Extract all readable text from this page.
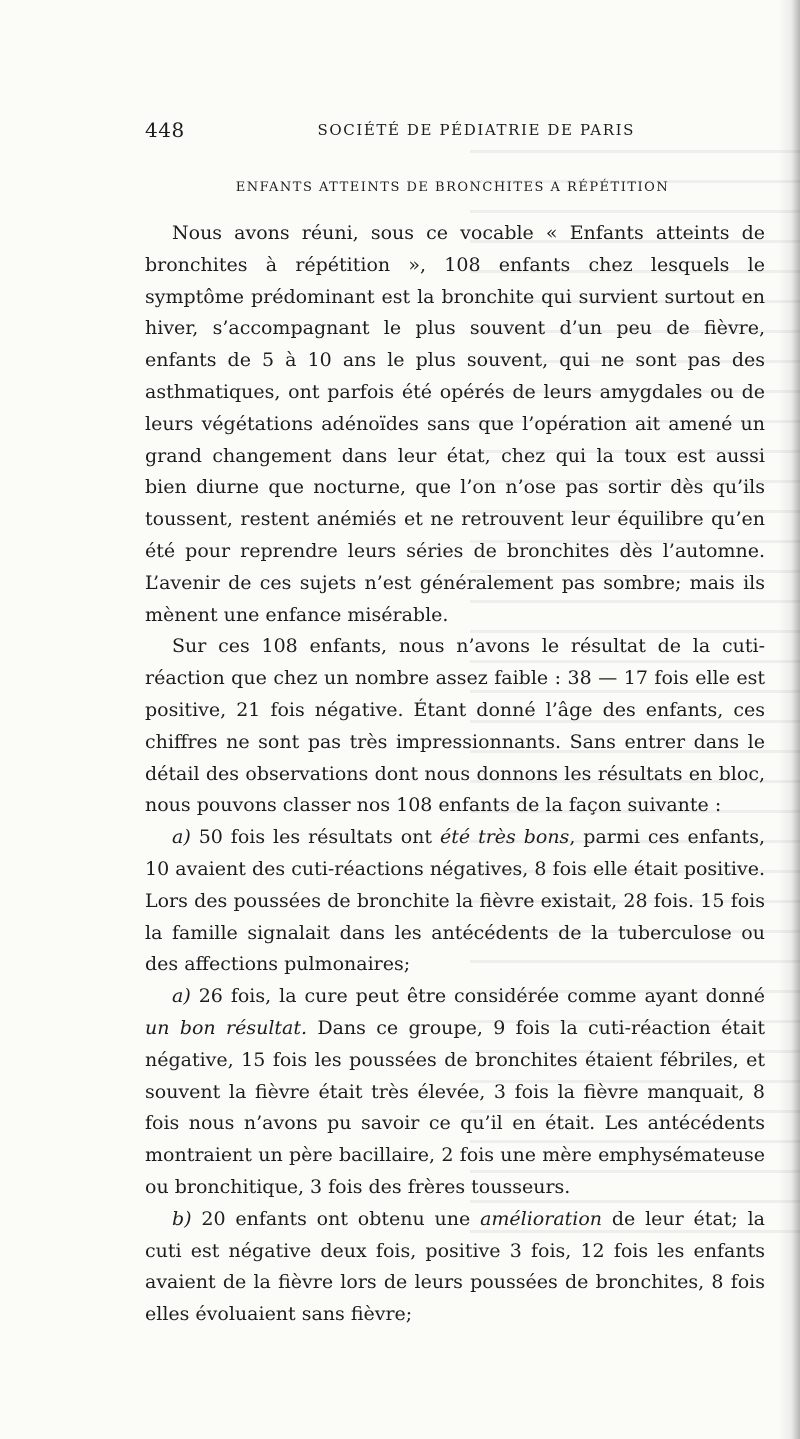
448	SOCIÉTÉ DE PÉDIATRIE DE PARIS
ENFANTS ATTEINTS DE BRONCHITES A RÉPÉTITION

Nous avons réuni, sous ce vocable « Enfants atteints de bronchites à répétition », 108 enfants chez lesquels le symptôme prédominant est la bronchite qui survient surtout en hiver, s’accompagnant le plus souvent d’un peu de fièvre, enfants de 5 à 10 ans le plus souvent, qui ne sont pas des asthmatiques, ont parfois été opérés de leurs amygdales ou de leurs végétations adénoïdes sans que l’opération ait amené un grand changement dans leur état, chez qui la toux est aussi bien diurne que nocturne, que l’on n’ose pas sortir dès qu’ils toussent, restent anémiés et ne retrouvent leur équilibre qu’en été pour reprendre leurs séries de bronchites dès l’automne. L’avenir de ces sujets n’est généralement pas sombre; mais ils mènent une enfance misérable.

Sur ces 108 enfants, nous n’avons le résultat de la cuti-réaction que chez un nombre assez faible : 38 — 17 fois elle est positive, 21 fois négative. Étant donné l’âge des enfants, ces chiffres ne sont pas très impressionnants. Sans entrer dans le détail des observations dont nous donnons les résultats en bloc, nous pouvons classer nos 108 enfants de la façon suivante :

a) 50 fois les résultats ont été très bons, parmi ces enfants, 10 avaient des cuti-réactions négatives, 8 fois elle était positive. Lors des poussées de bronchite la fièvre existait, 28 fois. 15 fois la famille signalait dans les antécédents de la tuberculose ou des affections pulmonaires;

a) 26 fois, la cure peut être considérée comme ayant donné un bon résultat. Dans ce groupe, 9 fois la cuti-réaction était négative, 15 fois les poussées de bronchites étaient fébriles, et souvent la fièvre était très élevée, 3 fois la fièvre manquait, 8 fois nous n’avons pu savoir ce qu’il en était. Les antécédents montraient un père bacillaire, 2 fois une mère emphysémateuse ou bronchitique, 3 fois des frères tousseurs.

b) 20 enfants ont obtenu une amélioration de leur état; la cuti est négative deux fois, positive 3 fois, 12 fois les enfants avaient de la fièvre lors de leurs poussées de bronchites, 8 fois elles évoluaient sans fièvre;
